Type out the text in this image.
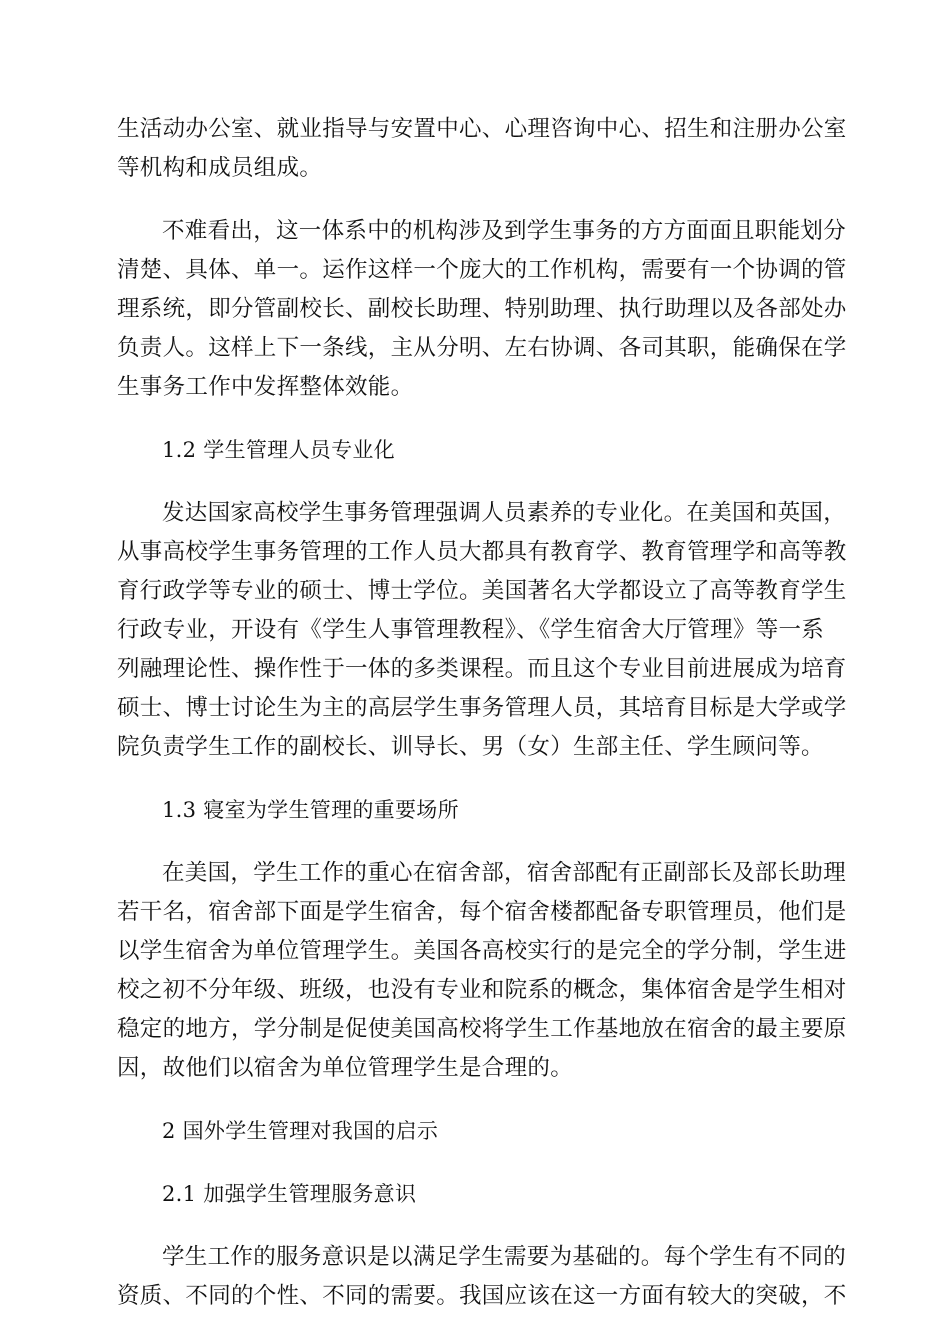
生活动办公室、就业指导与安置中心、心理咨询中心、招生和注册办公室
等机构和成员组成。

不难看出，这一体系中的机构涉及到学生事务的方方面面且职能划分
清楚、具体、单一。运作这样一个庞大的工作机构，需要有一个协调的管
理系统，即分管副校长、副校长助理、特别助理、执行助理以及各部处办
负责人。这样上下一条线，主从分明、左右协调、各司其职，能确保在学
生事务工作中发挥整体效能。

1.2 学生管理人员专业化

发达国家高校学生事务管理强调人员素养的专业化。在美国和英国，
从事高校学生事务管理的工作人员大都具有教育学、教育管理学和高等教
育行政学等专业的硕士、博士学位。美国著名大学都设立了高等教育学生
行政专业，开设有《学生人事管理教程》、《学生宿舍大厅管理》等一系
列融理论性、操作性于一体的多类课程。而且这个专业目前进展成为培育
硕士、博士讨论生为主的高层学生事务管理人员，其培育目标是大学或学
院负责学生工作的副校长、训导长、男（女）生部主任、学生顾问等。

1.3 寝室为学生管理的重要场所

在美国，学生工作的重心在宿舍部，宿舍部配有正副部长及部长助理
若干名，宿舍部下面是学生宿舍，每个宿舍楼都配备专职管理员，他们是
以学生宿舍为单位管理学生。美国各高校实行的是完全的学分制，学生进
校之初不分年级、班级，也没有专业和院系的概念，集体宿舍是学生相对
稳定的地方，学分制是促使美国高校将学生工作基地放在宿舍的最主要原
因，故他们以宿舍为单位管理学生是合理的。

2 国外学生管理对我国的启示

2.1 加强学生管理服务意识

学生工作的服务意识是以满足学生需要为基础的。每个学生有不同的
资质、不同的个性、不同的需要。我国应该在这一方面有较大的突破，不
